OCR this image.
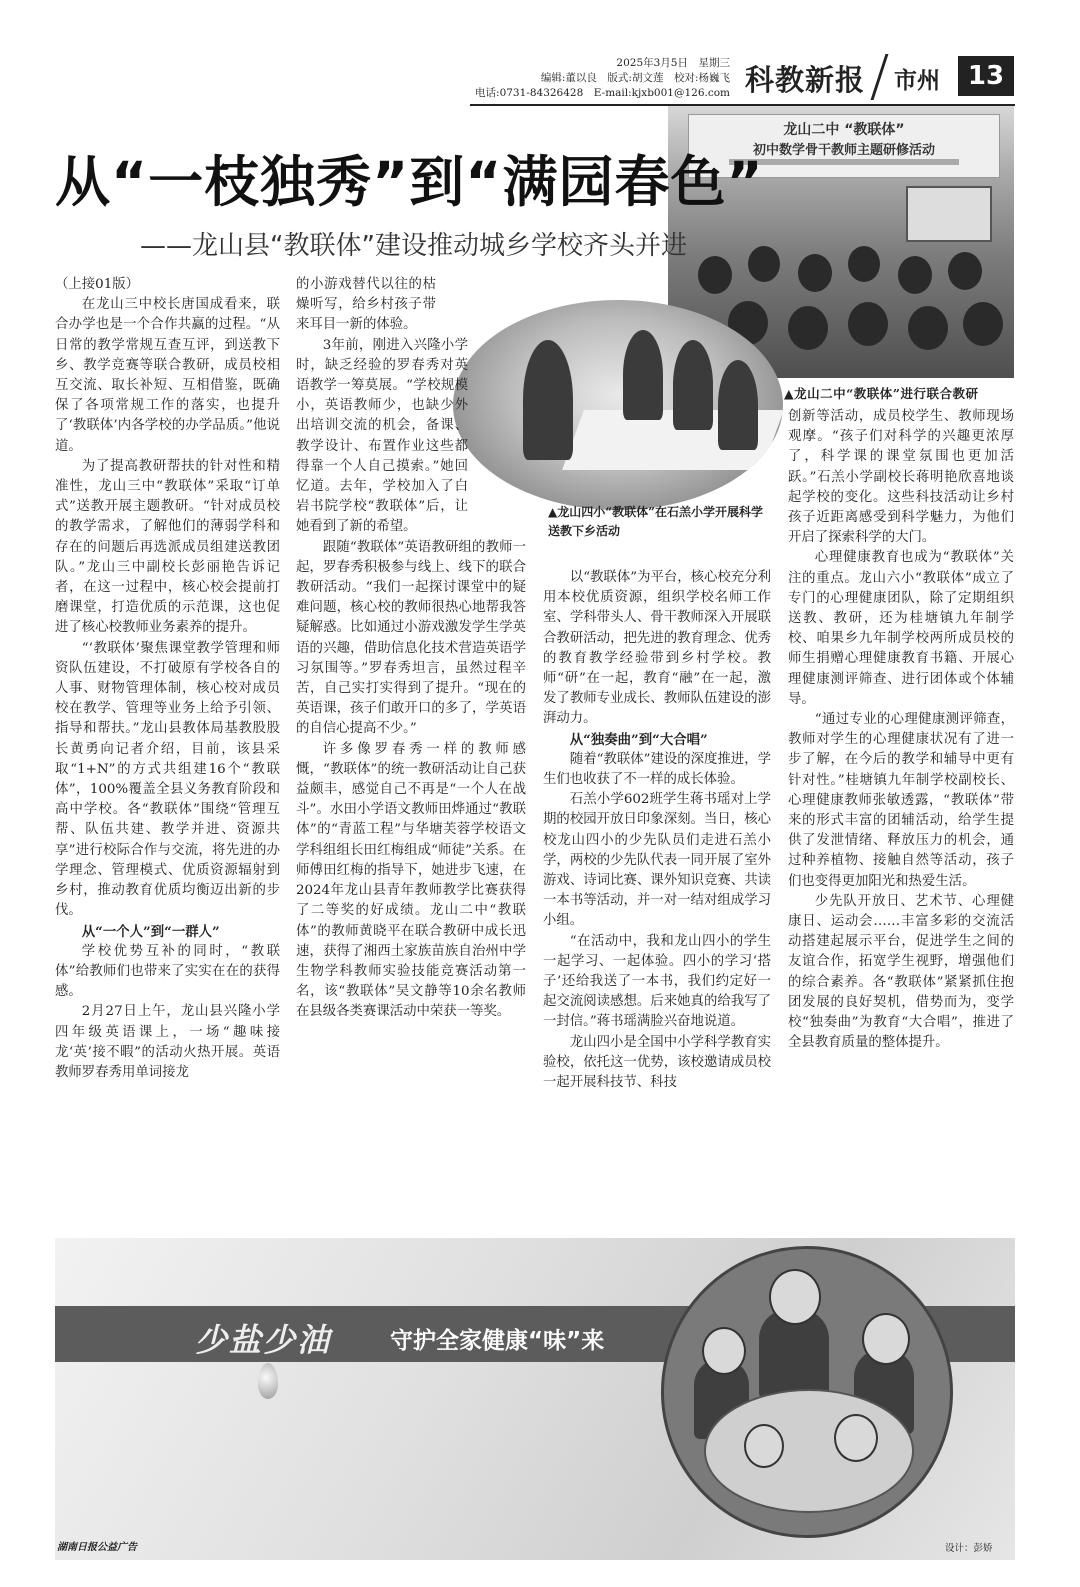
2025年3月5日　星期三
编辑:董以良　版式:胡文莲　校对:杨巍飞
电话:0731-84326428　E-mail:kjxb001@126.com 科教新报 市州	13
龙山二中 “教联体”
初中数学骨干教师主题研修活动
▲龙山二中“教联体”进行联合教研
从“一枝独秀”到“满园春色”
——龙山县“教联体”建设推动城乡学校齐头并进
▲龙山四小“教联体”在石羔小学开展科学送教下乡活动

（上接01版）

在龙山三中校长唐国成看来，联合办学也是一个合作共赢的过程。“从日常的教学常规互查互评，到送教下乡、教学竞赛等联合教研，成员校相互交流、取长补短、互相借鉴，既确保了各项常规工作的落实，也提升了‘教联体’内各学校的办学品质。”他说道。

为了提高教研帮扶的针对性和精准性，龙山三中“教联体”采取“订单式”送教开展主题教研。“针对成员校的教学需求，了解他们的薄弱学科和存在的问题后再选派成员组建送教团队。”龙山三中副校长彭丽艳告诉记者，在这一过程中，核心校会提前打磨课堂，打造优质的示范课，这也促进了核心校教师业务素养的提升。

“‘教联体’聚焦课堂教学管理和师资队伍建设，不打破原有学校各自的人事、财物管理体制，核心校对成员校在教学、管理等业务上给予引领、指导和帮扶。”龙山县教体局基教股股长黄勇向记者介绍，目前，该县采取“1+N”的方式共组建16个“教联体”，100%覆盖全县义务教育阶段和高中学校。各“教联体”围绕“管理互帮、队伍共建、教学并进、资源共享”进行校际合作与交流，将先进的办学理念、管理模式、优质资源辐射到乡村，推动教育优质均衡迈出新的步伐。

从“一个人”到“一群人”

学校优势互补的同时，“教联体”给教师们也带来了实实在在的获得感。

2月27日上午，龙山县兴隆小学四年级英语课上，一场“趣味接龙‘英’接不暇”的活动火热开展。英语教师罗春秀用单词接龙

的小游戏替代以往的枯燥听写，给乡村孩子带来耳目一新的体验。

3年前，刚进入兴隆小学时，缺乏经验的罗春秀对英语教学一筹莫展。“学校规模小，英语教师少，也缺少外出培训交流的机会，备课、教学设计、布置作业这些都得靠一个人自己摸索。”她回忆道。去年，学校加入了白岩书院学校“教联体”后，让她看到了新的希望。

跟随“教联体”英语教研组的教师一起，罗春秀积极参与线上、线下的联合教研活动。“我们一起探讨课堂中的疑难问题，核心校的教师很热心地帮我答疑解惑。比如通过小游戏激发学生学英语的兴趣，借助信息化技术营造英语学习氛围等。”罗春秀坦言，虽然过程辛苦，自己实打实得到了提升。“现在的英语课，孩子们敢开口的多了，学英语的自信心提高不少。”

许多像罗春秀一样的教师感慨，“教联体”的统一教研活动让自己获益颇丰，感觉自己不再是“一个人在战斗”。水田小学语文教师田烨通过“教联体”的“青蓝工程”与华塘芙蓉学校语文学科组组长田红梅组成“师徒”关系。在师傅田红梅的指导下，她进步飞速，在2024年龙山县青年教师教学比赛获得了二等奖的好成绩。龙山二中“教联体”的教师黄晓平在联合教研中成长迅速，获得了湘西土家族苗族自治州中学生物学科教师实验技能竞赛活动第一名，该“教联体”吴文静等10余名教师在县级各类赛课活动中荣获一等奖。

以“教联体”为平台，核心校充分利用本校优质资源，组织学校名师工作室、学科带头人、骨干教师深入开展联合教研活动，把先进的教育理念、优秀的教育教学经验带到乡村学校。教师“研”在一起，教育“融”在一起，激发了教师专业成长、教师队伍建设的澎湃动力。

从“独奏曲”到“大合唱”

随着“教联体”建设的深度推进，学生们也收获了不一样的成长体验。

石羔小学602班学生蒋书瑶对上学期的校园开放日印象深刻。当日，核心校龙山四小的少先队员们走进石羔小学，两校的少先队代表一同开展了室外游戏、诗词比赛、课外知识竞赛、共读一本书等活动，并一对一结对组成学习小组。

“在活动中，我和龙山四小的学生一起学习、一起体验。四小的学习‘搭子’还给我送了一本书，我们约定好一起交流阅读感想。后来她真的给我写了一封信。”蒋书瑶满脸兴奋地说道。

龙山四小是全国中小学科学教育实验校，依托这一优势，该校邀请成员校一起开展科技节、科技

创新等活动，成员校学生、教师现场观摩。“孩子们对科学的兴趣更浓厚了，科学课的课堂氛围也更加活跃。”石羔小学副校长蒋明艳欣喜地谈起学校的变化。这些科技活动让乡村孩子近距离感受到科学魅力，为他们开启了探索科学的大门。

心理健康教育也成为“教联体”关注的重点。龙山六小“教联体”成立了专门的心理健康团队，除了定期组织送教、教研，还为桂塘镇九年制学校、咱果乡九年制学校两所成员校的师生捐赠心理健康教育书籍、开展心理健康测评筛查、进行团体或个体辅导。

“通过专业的心理健康测评筛查，教师对学生的心理健康状况有了进一步了解，在今后的教学和辅导中更有针对性。”桂塘镇九年制学校副校长、心理健康教师张敏透露，“教联体”带来的形式丰富的团辅活动，给学生提供了发泄情绪、释放压力的机会，通过种养植物、接触自然等活动，孩子们也变得更加阳光和热爱生活。

少先队开放日、艺术节、心理健康日、运动会……丰富多彩的交流活动搭建起展示平台，促进学生之间的友谊合作，拓宽学生视野，增强他们的综合素养。各“教联体”紧紧抓住抱团发展的良好契机，借势而为，变学校“独奏曲”为教育“大合唱”，推进了全县教育质量的整体提升。

少盐少油	守护全家健康“味”来
湖南日报公益广告	设计：彭娇
